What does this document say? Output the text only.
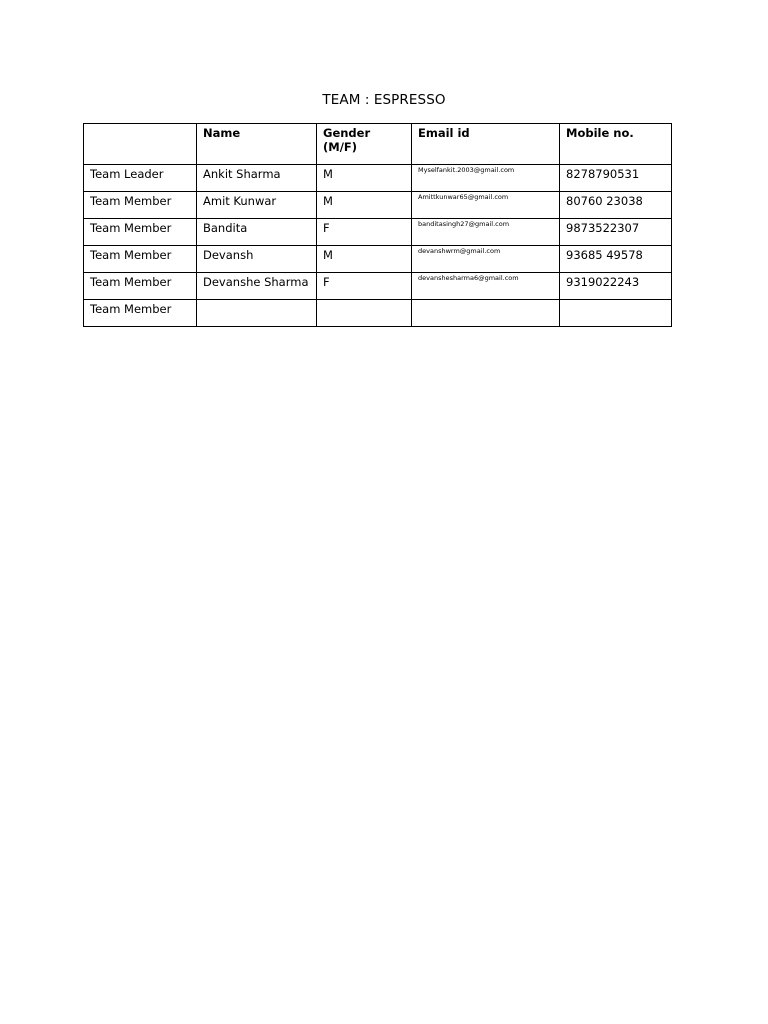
TEAM : ESPRESSO
	Name	Gender (M/F)	Email id	Mobile no.
Team Leader	Ankit Sharma	M	Myselfankit.2003@gmail.com	8278790531
Team Member	Amit Kunwar	M	Amittkunwar65@gmail.com	80760 23038
Team Member	Bandita	F	banditasingh27@gmail.com	9873522307
Team Member	Devansh	M	devanshwrm@gmail.com	93685 49578
Team Member	Devanshe Sharma	F	devanshesharma6@gmail.com	9319022243
Team Member				
